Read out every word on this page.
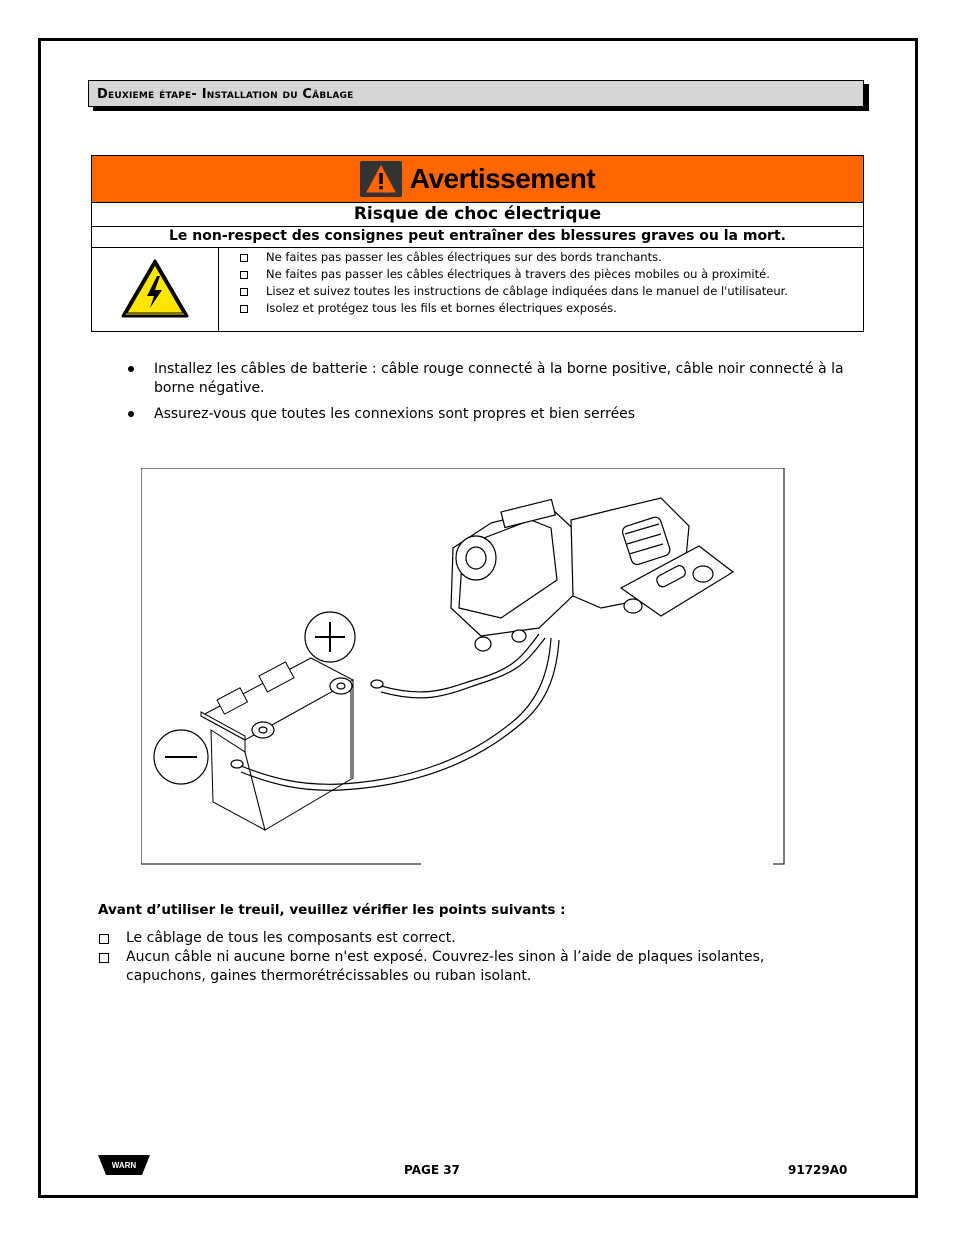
Deuxieme étape- Installation du Câblage
Avertissement
Risque de choc électrique
Le non-respect des consignes peut entraîner des blessures graves ou la mort.
Ne faites pas passer les câbles électriques sur des bords tranchants.
Ne faites pas passer les câbles électriques à travers des pièces mobiles ou à proximité.
Lisez et suivez toutes les instructions de câblage indiquées dans le manuel de l'utilisateur.
Isolez et protégez tous les fils et bornes électriques exposés.
Installez les câbles de batterie : câble rouge connecté à la borne positive, câble noir connecté à la borne négative.
Assurez-vous que toutes les connexions sont propres et bien serrées
Avant d’utiliser le treuil, veuillez vérifier les points suivants :
Le câblage de tous les composants est correct.
Aucun câble ni aucune borne n'est exposé. Couvrez-les sinon à l’aide de plaques isolantes, capuchons, gaines thermorétrécissables ou ruban isolant.
WARN	PAGE 37	91729A0
